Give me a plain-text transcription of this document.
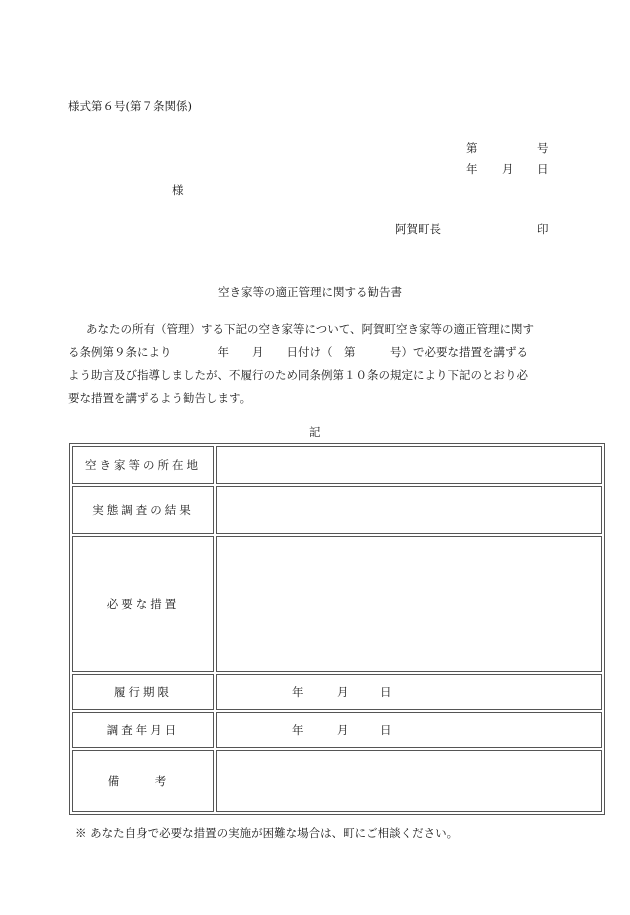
様式第６号(第７条関係)
第	号
年 月 日
様
阿賀町長	印
空き家等の適正管理に関する勧告書
あなたの所有（管理）する下記の空き家等について、阿賀町空き家等の適正管理に関す
る条例第９条により　　　　年　　月　　日付け（　第　　　号）で必要な措置を講ずる
よう助言及び指導しましたが、不履行のため同条例第１０条の規定により下記のとおり必
要な措置を講ずるよう勧告します。
記
空き家等の所在地	
実態調査の結果	
必要な措置	
履行期限	年 月 日

調査年月日	年 月 日

備　考	
※ あなた自身で必要な措置の実施が困難な場合は、町にご相談ください。
